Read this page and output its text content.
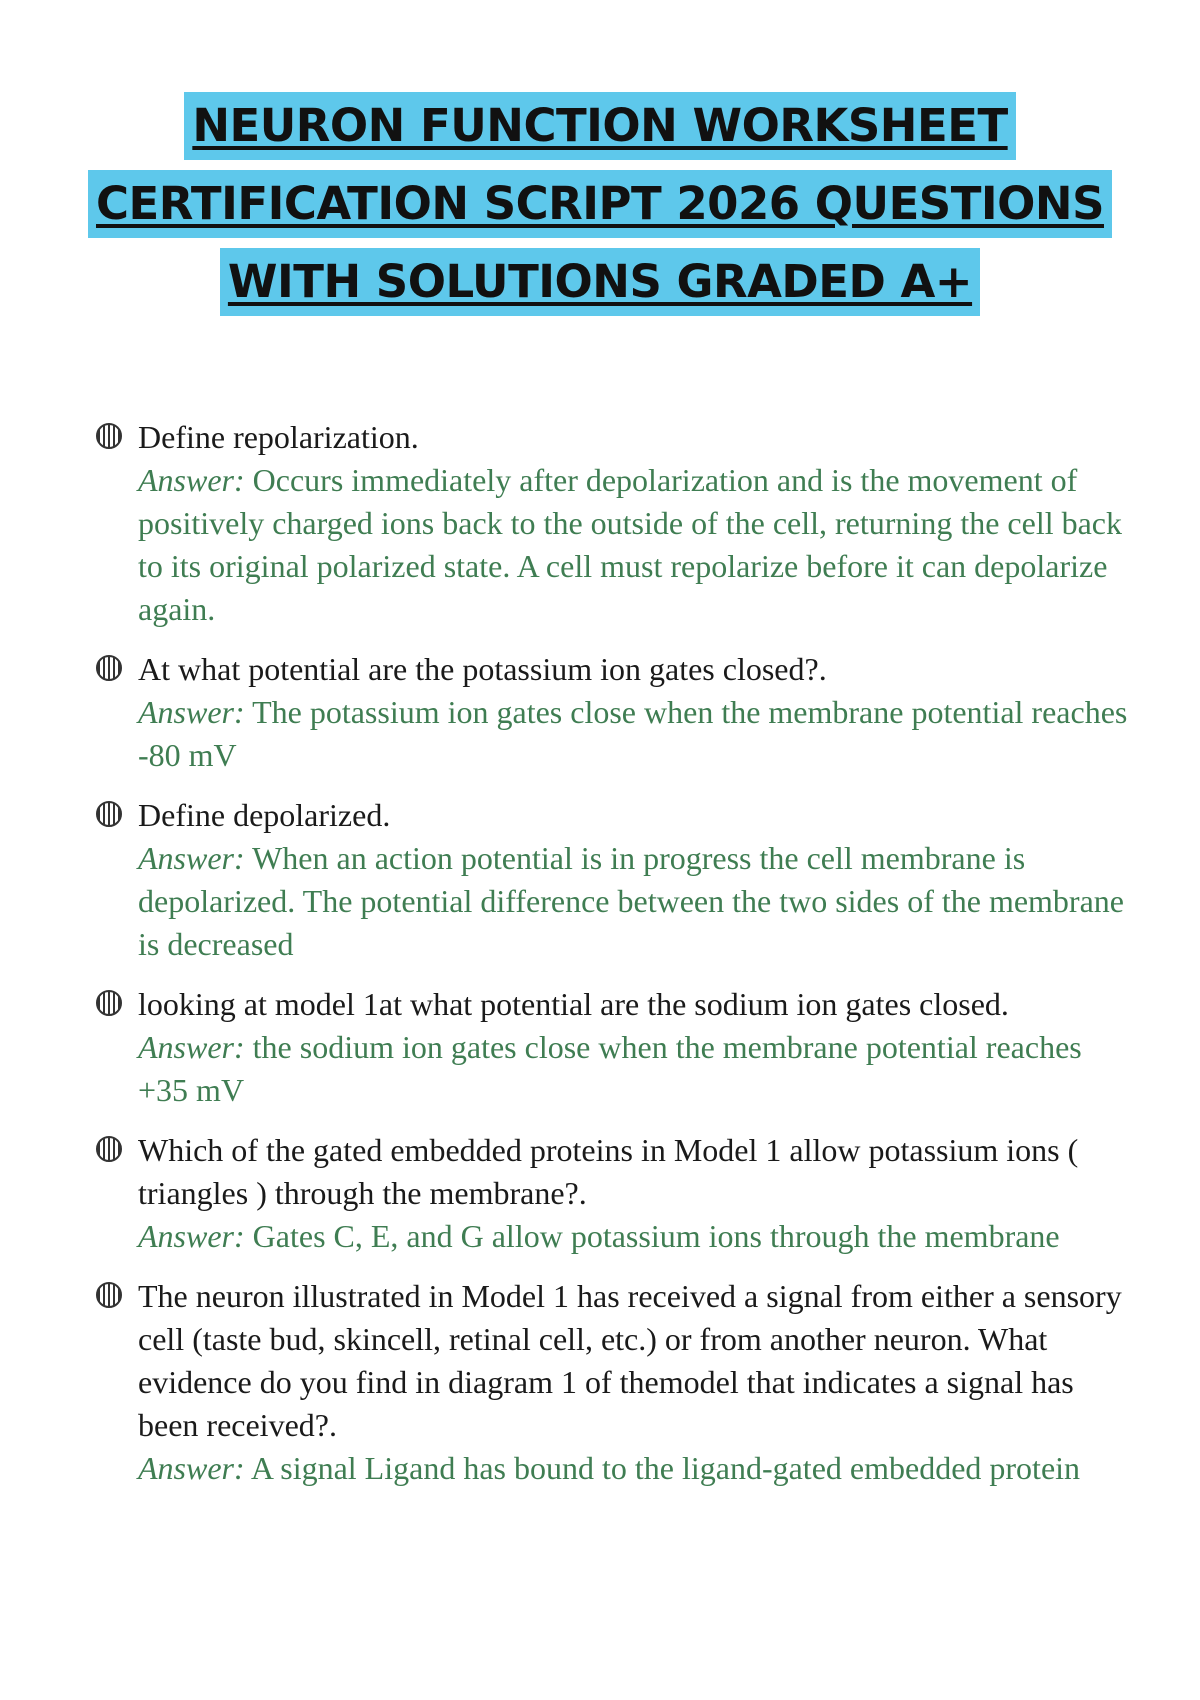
NEURON FUNCTION WORKSHEET
CERTIFICATION SCRIPT 2026 QUESTIONS
WITH SOLUTIONS GRADED A+
Define repolarization.
Answer: Occurs immediately after depolarization and is the movement of positively charged ions back to the outside of the cell, returning the cell back to its original polarized state. A cell must repolarize before it can depolarize again.
At what potential are the potassium ion gates closed?.
Answer: The potassium ion gates close when the membrane potential reaches -80 mV
Define depolarized.
Answer: When an action potential is in progress the cell membrane is depolarized. The potential difference between the two sides of the membrane is decreased
looking at model 1at what potential are the sodium ion gates closed.
Answer: the sodium ion gates close when the membrane potential reaches +35 mV
Which of the gated embedded proteins in Model 1 allow potassium ions ( triangles ) through the membrane?.
Answer: Gates C, E, and G allow potassium ions through the membrane
The neuron illustrated in Model 1 has received a signal from either a sensory cell (taste bud, skincell, retinal cell, etc.) or from another neuron. What evidence do you find in diagram 1 of themodel that indicates a signal has been received?.
Answer: A signal Ligand has bound to the ligand-gated embedded protein
